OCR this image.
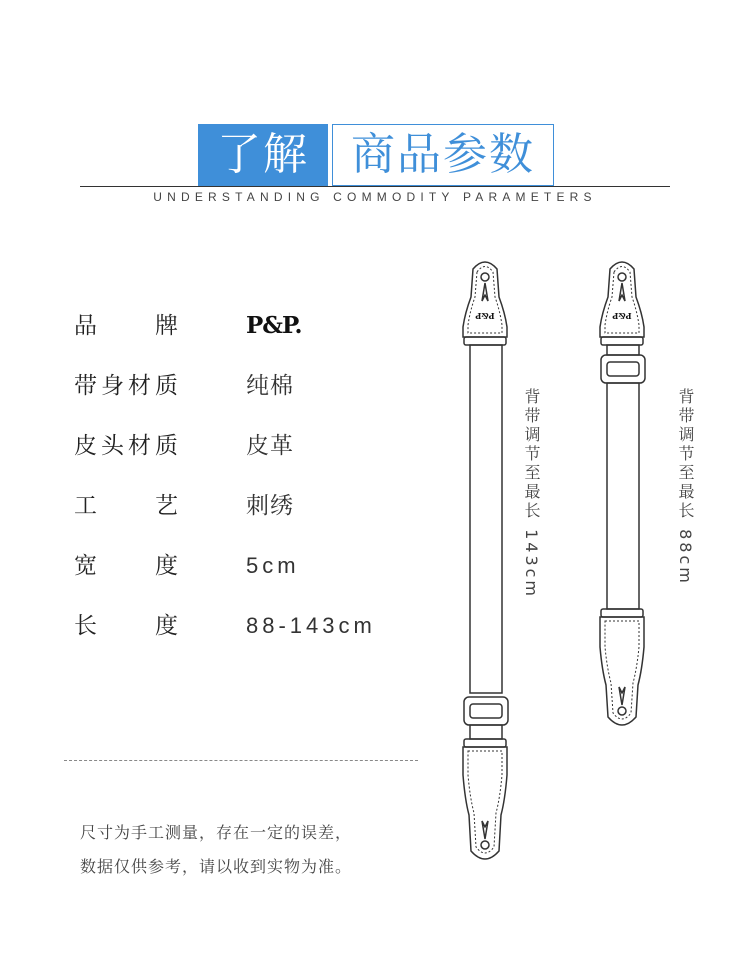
了解 商品参数
UNDERSTANDING COMMODITY PARAMETERS
品牌	P&P.
带身材质	纯棉
皮头材质	皮革
工艺	刺绣
宽度	5cm
长度	88-143cm
P&P
背带调节至最长 143cm
P&P
背带调节至最长 88cm
尺寸为手工测量，存在一定的误差，
数据仅供参考，请以收到实物为准。
